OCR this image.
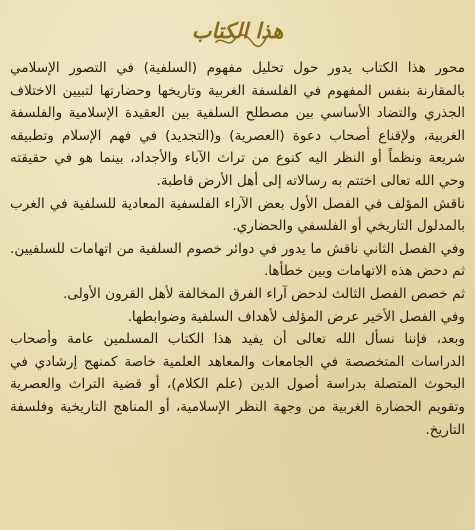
هذا الكتاب

محور هذا الكتاب يدور حول تحليل مفهوم (السلفية) في التصور الإسلامي بالمقارنة بنفس المفهوم في الفلسفة الغربية وتاريخها وحضارتها لتبيين الاختلاف الجذري والتضاد الأساسي بين مصطلح السلفية بين العقيدة الإسلامية والفلسفة الغربية، ولإقناع أصحاب دعوة (العصرية) و(التجديد) في فهم الإسلام وتطبيقه شريعة ونظماً أو النظر اليه كنوع من تراث الآباء والأجداد، بينما هو في حقيقته وحي الله تعالى اختتم به رسالاته إلى أهل الأرض قاطبة.

ناقش المؤلف في الفصل الأول بعض الآراء الفلسفية المعادية للسلفية في الغرب بالمدلول التاريخي أو الفلسفي والحضاري.

وفي الفصل الثاني ناقش ما يدور في دوائر خصوم السلفية من اتهامات للسلفيين. ثم دحض هذه الاتهامات وبين خطأها.

ثم خصص الفصل الثالث لدحض آراء الفرق المخالفة لأهل القرون الأولى.

وفي الفصل الأخير عرض المؤلف لأهداف السلفية وضوابطها.

وبعد، فإننا نسأل الله تعالى أن يفيد هذا الكتاب المسلمين عامة وأصحاب الدراسات المتخصصة في الجامعات والمعاهد العلمية خاصة كمنهج إرشادي في البحوث المتصلة بدراسة أصول الدين (علم الكلام)، أو قضية التراث والعصرية وتقويم الحضارة الغربية من وجهة النظر الإسلامية، أو المناهج التاريخية وفلسفة التاريخ.
